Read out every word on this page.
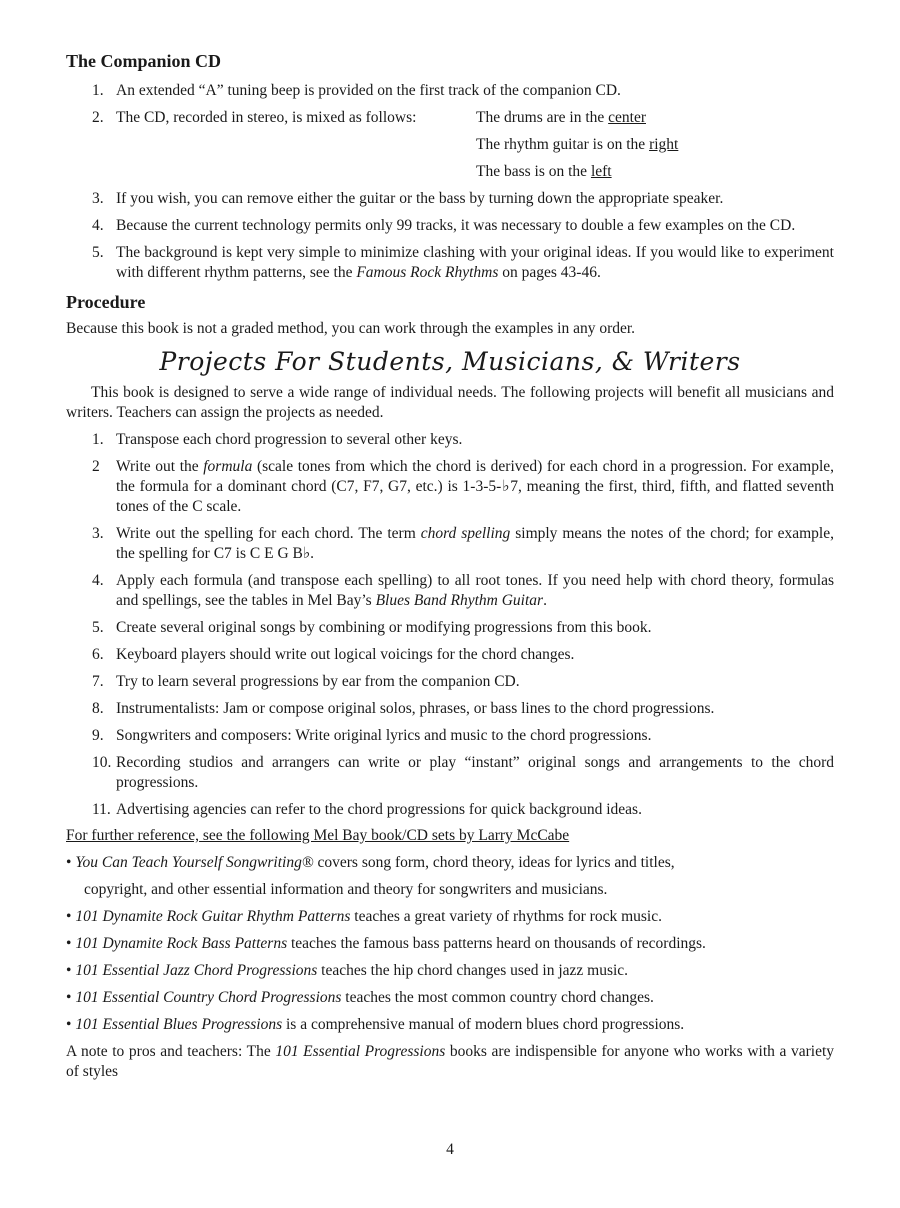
The Companion CD
1. An extended “A” tuning beep is provided on the first track of the companion CD.
2. The CD, recorded in stereo, is mixed as follows:	The drums are in the center
The rhythm guitar is on the right
The bass is on the left
3. If you wish, you can remove either the guitar or the bass by turning down the appropriate speaker.
4. Because the current technology permits only 99 tracks, it was necessary to double a few examples on the CD.
5. The background is kept very simple to minimize clashing with your original ideas. If you would like to experiment with different rhythm patterns, see the Famous Rock Rhythms on pages 43-46.
Procedure

Because this book is not a graded method, you can work through the examples in any order.

Projects For Students, Musicians, & Writers

This book is designed to serve a wide range of individual needs. The following projects will benefit all musicians and writers. Teachers can assign the projects as needed.

1. Transpose each chord progression to several other keys.
2 Write out the formula (scale tones from which the chord is derived) for each chord in a progression. For example, the formula for a dominant chord (C7, F7, G7, etc.) is 1-3-5-♭7, meaning the first, third, fifth, and flatted seventh tones of the C scale.
3. Write out the spelling for each chord. The term chord spelling simply means the notes of the chord; for example, the spelling for C7 is C E G B♭.
4. Apply each formula (and transpose each spelling) to all root tones. If you need help with chord theory, formulas and spellings, see the tables in Mel Bay’s Blues Band Rhythm Guitar.
5. Create several original songs by combining or modifying progressions from this book.
6. Keyboard players should write out logical voicings for the chord changes.
7. Try to learn several progressions by ear from the companion CD.
8. Instrumentalists: Jam or compose original solos, phrases, or bass lines to the chord progressions.
9. Songwriters and composers: Write original lyrics and music to the chord progressions.
10. Recording studios and arrangers can write or play “instant” original songs and arrangements to the chord progressions.
11. Advertising agencies can refer to the chord progressions for quick background ideas.
For further reference, see the following Mel Bay book/CD sets by Larry McCabe
• You Can Teach Yourself Songwriting® covers song form, chord theory, ideas for lyrics and titles,
copyright, and other essential information and theory for songwriters and musicians.
• 101 Dynamite Rock Guitar Rhythm Patterns teaches a great variety of rhythms for rock music.
• 101 Dynamite Rock Bass Patterns teaches the famous bass patterns heard on thousands of recordings.
• 101 Essential Jazz Chord Progressions teaches the hip chord changes used in jazz music.
• 101 Essential Country Chord Progressions teaches the most common country chord changes.
• 101 Essential Blues Progressions is a comprehensive manual of modern blues chord progressions.

A note to pros and teachers: The 101 Essential Progressions books are indispensible for anyone who works with a variety of styles

4
